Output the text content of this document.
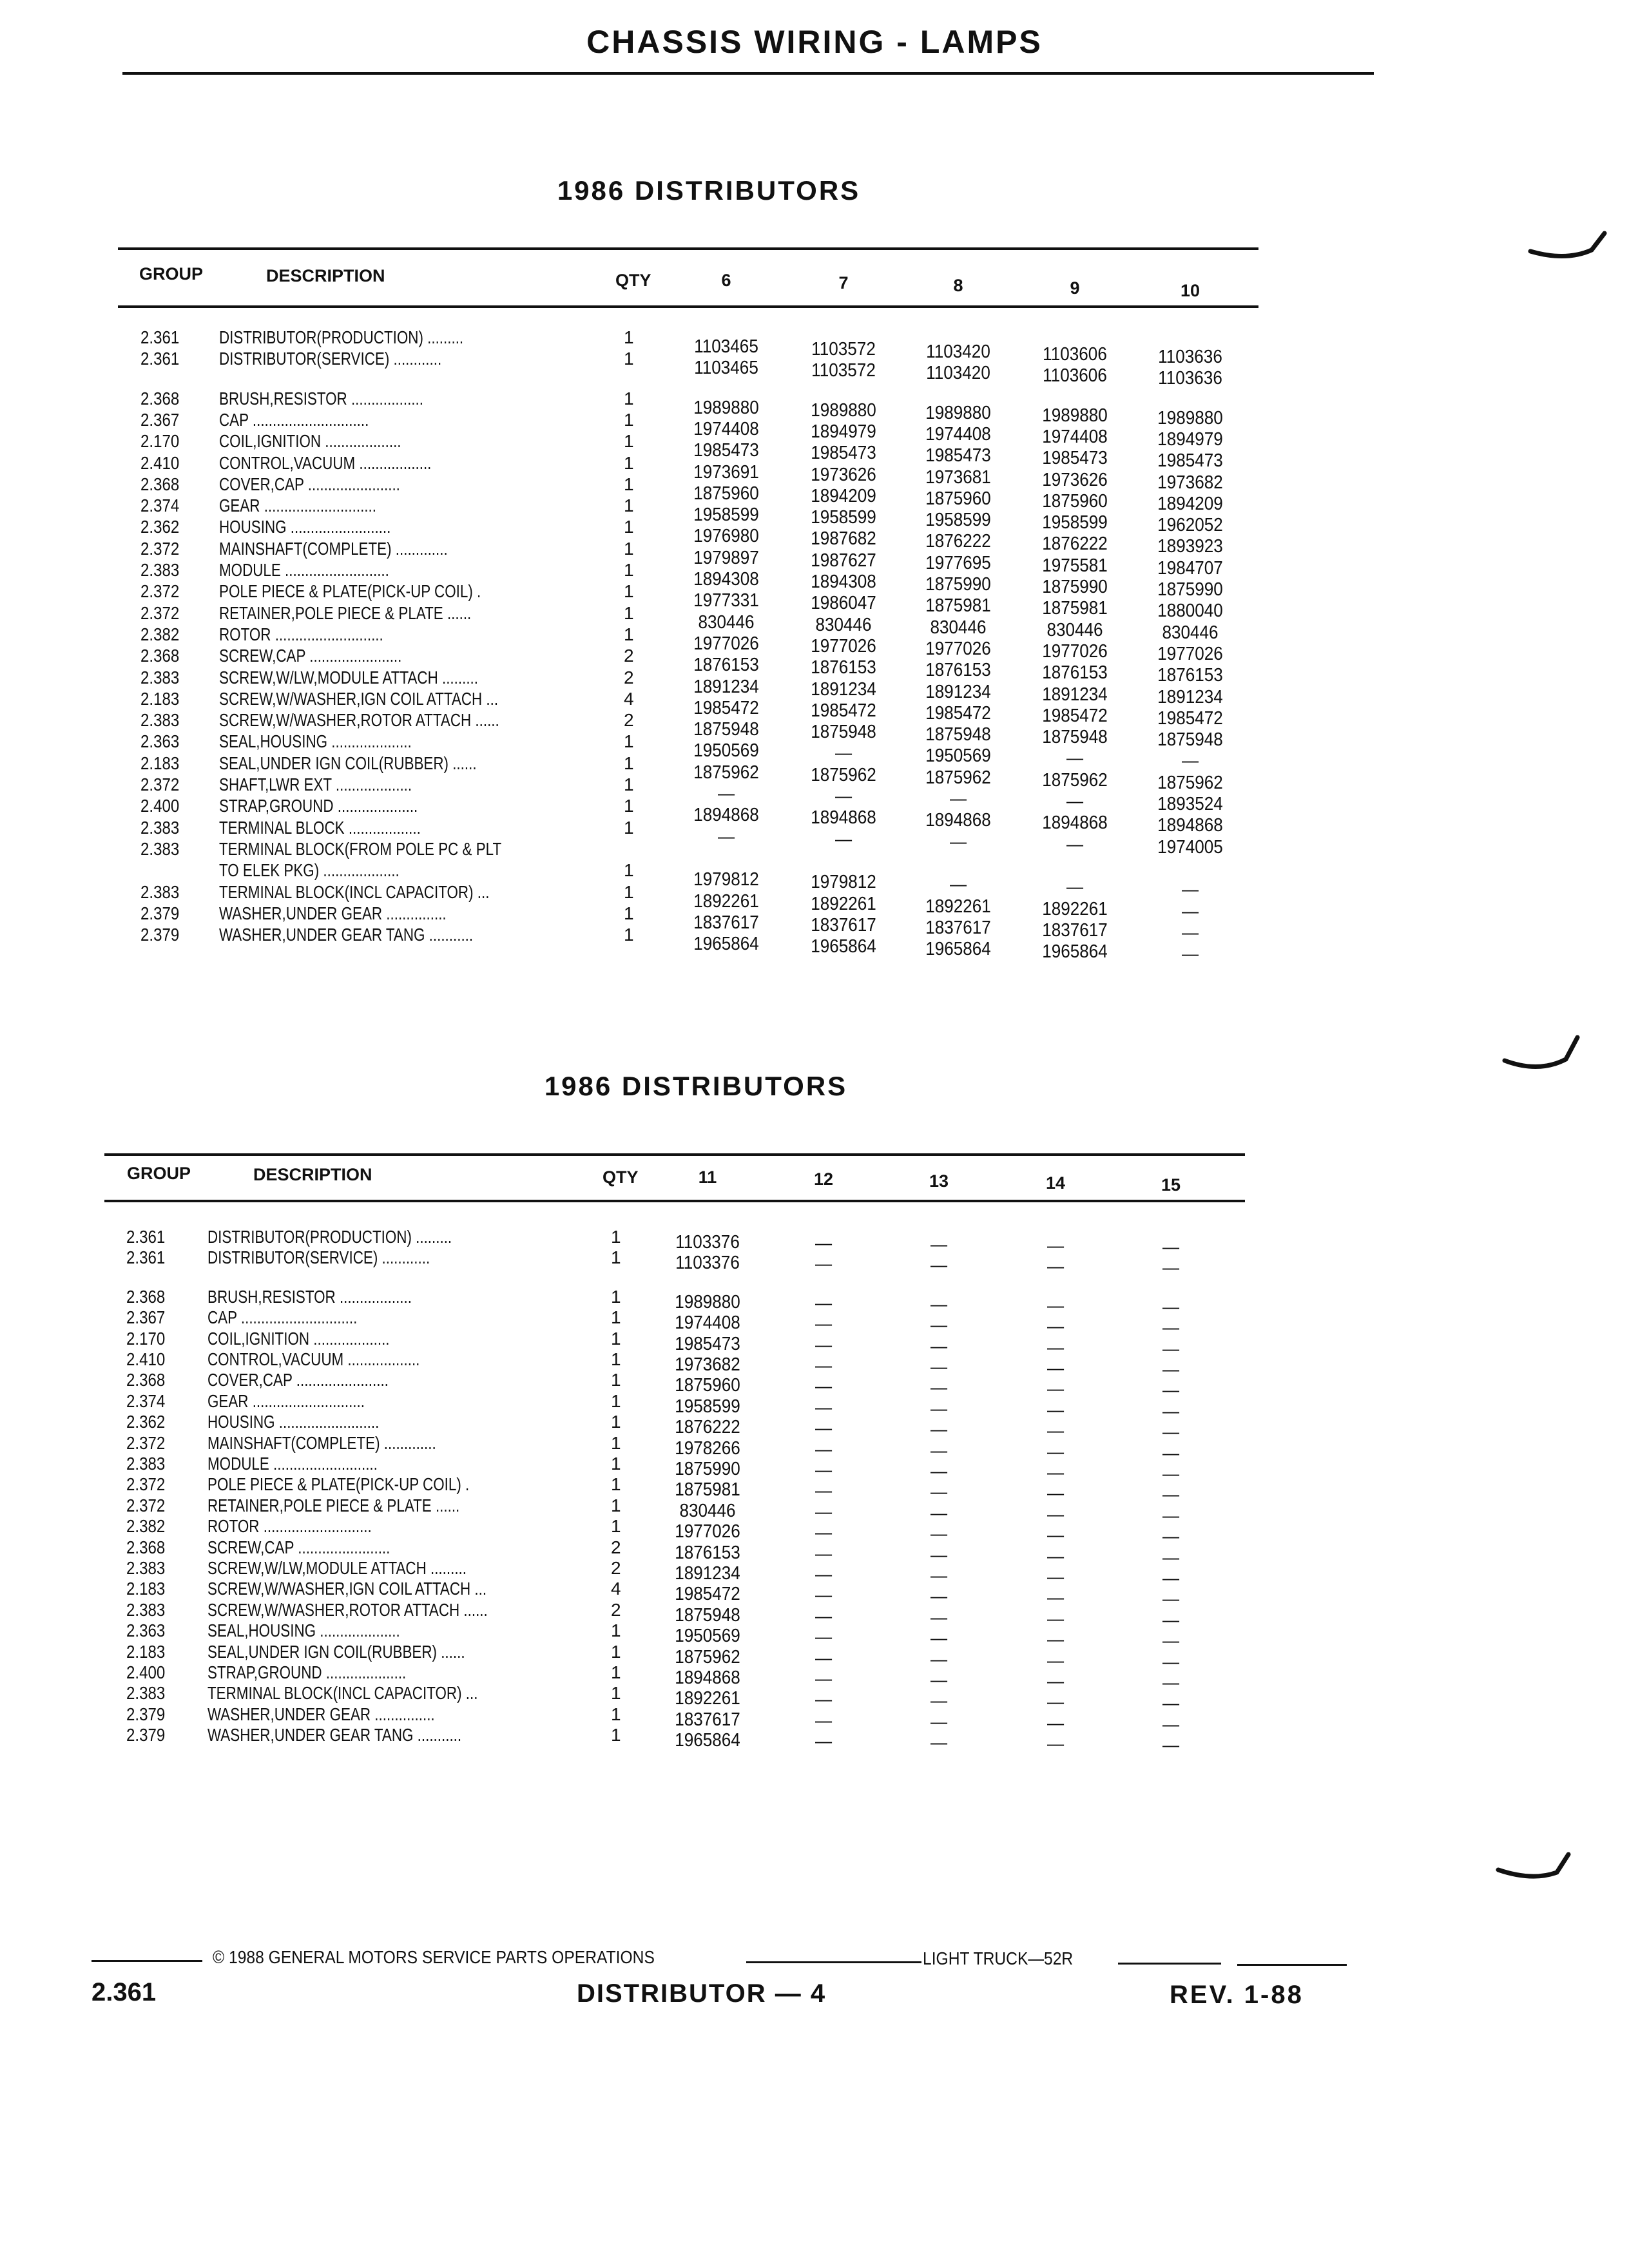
CHASSIS WIRING - LAMPS
1986 DISTRIBUTORS
GROUP	DESCRIPTION	QTY	6	7	8	9	10
2.361 DISTRIBUTOR(PRODUCTION) .........	1	1103465	1103572	1103420	1103606	1103636
2.361 DISTRIBUTOR(SERVICE) ............	1	1103465	1103572	1103420	1103606	1103636
2.368 BRUSH,RESISTOR ..................	1	1989880	1989880	1989880	1989880	1989880
2.367 CAP .............................	1	1974408	1894979	1974408	1974408	1894979
2.170 COIL,IGNITION ...................	1	1985473	1985473	1985473	1985473	1985473
2.410 CONTROL,VACUUM ..................	1	1973691	1973626	1973681	1973626	1973682
2.368 COVER,CAP .......................	1	1875960	1894209	1875960	1875960	1894209
2.374 GEAR ............................	1	1958599	1958599	1958599	1958599	1962052
2.362 HOUSING .........................	1	1976980	1987682	1876222	1876222	1893923
2.372 MAINSHAFT(COMPLETE) .............	1	1979897	1987627	1977695	1975581	1984707
2.383 MODULE ..........................	1	1894308	1894308	1875990	1875990	1875990
2.372 POLE PIECE & PLATE(PICK-UP COIL) .	1	1977331	1986047	1875981	1875981	1880040
2.372 RETAINER,POLE PIECE & PLATE ......	1	830446	830446	830446	830446	830446
2.382 ROTOR ...........................	1	1977026	1977026	1977026	1977026	1977026
2.368 SCREW,CAP .......................	2	1876153	1876153	1876153	1876153	1876153
2.383 SCREW,W/LW,MODULE ATTACH .........	2	1891234	1891234	1891234	1891234	1891234
2.183 SCREW,W/WASHER,IGN COIL ATTACH ...	4	1985472	1985472	1985472	1985472	1985472
2.383 SCREW,W/WASHER,ROTOR ATTACH ......	2	1875948	1875948	1875948	1875948	1875948
2.363 SEAL,HOUSING ....................	1	1950569	—	1950569	—	—
2.183 SEAL,UNDER IGN COIL(RUBBER) ......	1	1875962	1875962	1875962	1875962	1875962
2.372 SHAFT,LWR EXT ...................	1	—	—	—	—	1893524
2.400 STRAP,GROUND ....................	1	1894868	1894868	1894868	1894868	1894868
2.383 TERMINAL BLOCK ..................	1	—	—	—	—	1974005
2.383 TERMINAL BLOCK(FROM POLE PC & PLT
TO ELEK PKG) ...................	1	1979812	1979812	—	—	—
2.383 TERMINAL BLOCK(INCL CAPACITOR) ...	1	1892261	1892261	1892261	1892261	—
2.379 WASHER,UNDER GEAR ...............	1	1837617	1837617	1837617	1837617	—
2.379 WASHER,UNDER GEAR TANG ...........	1	1965864	1965864	1965864	1965864	—
1986 DISTRIBUTORS
GROUP	DESCRIPTION	QTY	11	12	13	14	15
2.361 DISTRIBUTOR(PRODUCTION) .........	1	1103376	—	—	—	—
2.361 DISTRIBUTOR(SERVICE) ............	1	1103376	—	—	—	—
2.368 BRUSH,RESISTOR ..................	1	1989880	—	—	—	—
2.367 CAP .............................	1	1974408	—	—	—	—
2.170 COIL,IGNITION ...................	1	1985473	—	—	—	—
2.410 CONTROL,VACUUM ..................	1	1973682	—	—	—	—
2.368 COVER,CAP .......................	1	1875960	—	—	—	—
2.374 GEAR ............................	1	1958599	—	—	—	—
2.362 HOUSING .........................	1	1876222	—	—	—	—
2.372 MAINSHAFT(COMPLETE) .............	1	1978266	—	—	—	—
2.383 MODULE ..........................	1	1875990	—	—	—	—
2.372 POLE PIECE & PLATE(PICK-UP COIL) .	1	1875981	—	—	—	—
2.372 RETAINER,POLE PIECE & PLATE ......	1	830446	—	—	—	—
2.382 ROTOR ...........................	1	1977026	—	—	—	—
2.368 SCREW,CAP .......................	2	1876153	—	—	—	—
2.383 SCREW,W/LW,MODULE ATTACH .........	2	1891234	—	—	—	—
2.183 SCREW,W/WASHER,IGN COIL ATTACH ...	4	1985472	—	—	—	—
2.383 SCREW,W/WASHER,ROTOR ATTACH ......	2	1875948	—	—	—	—
2.363 SEAL,HOUSING ....................	1	1950569	—	—	—	—
2.183 SEAL,UNDER IGN COIL(RUBBER) ......	1	1875962	—	—	—	—
2.400 STRAP,GROUND ....................	1	1894868	—	—	—	—
2.383 TERMINAL BLOCK(INCL CAPACITOR) ...	1	1892261	—	—	—	—
2.379 WASHER,UNDER GEAR ...............	1	1837617	—	—	—	—
2.379 WASHER,UNDER GEAR TANG ...........	1	1965864	—	—	—	—
© 1988 GENERAL MOTORS SERVICE PARTS OPERATIONS	LIGHT TRUCK—52R
2.361	DISTRIBUTOR — 4	REV. 1-88
